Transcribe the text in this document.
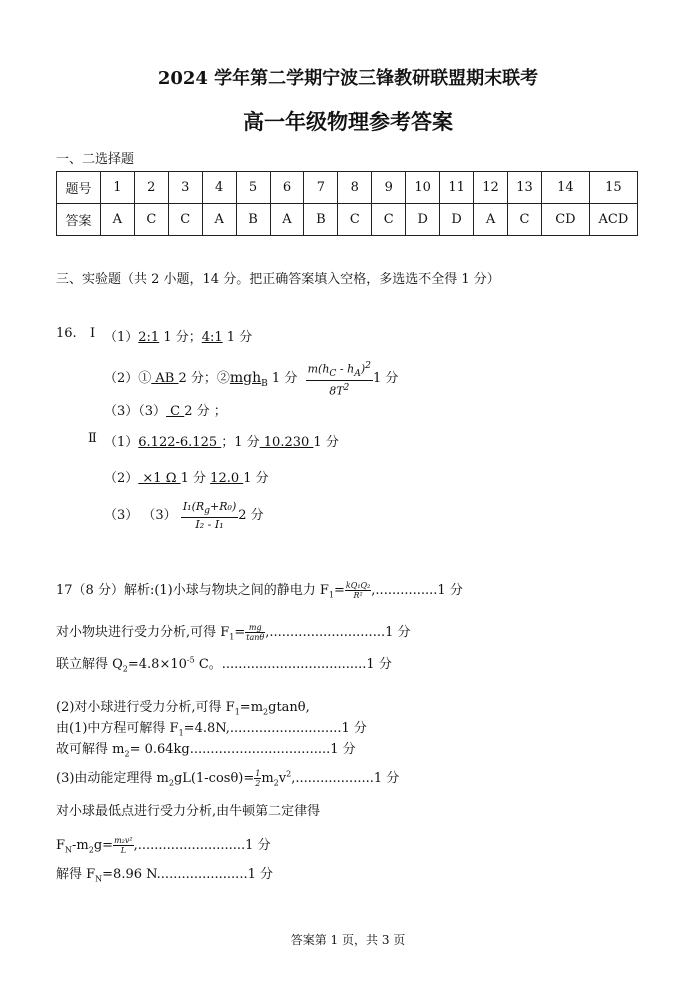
2024 学年第二学期宁波三锋教研联盟期末联考
高一年级物理参考答案
一、二选择题
题号	1	2	3	4	5	6	7	8	9	10	11	12	13	14	15
答案	A	C	C	A	B	A	B	C	C	D	D	A	C	CD	ACD
三、实验题（共 2 小题，14 分。把正确答案填入空格，多选选不全得 1 分）
16. Ⅰ （1）2:1 1 分；4:1 1 分
（2）① AB 2 分；②mgh$_B$ 1 分 $\frac{m(h_C - h_A)^2}{8T^2} 1$ 分
（3）（3） C 2 分 ；
Ⅱ （1）6.122-6.125 ；1 分 10.230 1 分
（2） ×1 Ω 1 分 12.0 1 分
（3） $(3) \frac{I_1(R_g+R_0)}{\text{I₂ - I₁}} 2$ 分
17（8 分）解析:(1)小球与物块之间的静电力 $F_1= \frac{\text{kQ₁Q₂}}{\text{R²}} ,...............1$ 分
对小物块进行受力分析,可得 $F_1= \frac{mg}{\tan\theta} ,............................1$ 分
联立解得 $Q_2=4.8\times 10^{-5}$ C。...................................1 分
(2)对小球进行受力分析,可得 $F_1=m_2gtan\theta$,
由(1)中方程可解得 $F_1=4.8N,...........................1$ 分
故可解得 $m_2= 0.64kg..................................1$ 分
(3)由动能定理得 $m_2gL(1-\cos\theta)= \frac{1}{2} m_2v^2,...................1$ 分
对小球最低点进行受力分析,由牛顿第二定律得
$F_N-m_2g= \frac{\text{m₂v²}}{L} ,..........................1$ 分
解得 $F_N=8.96$ N......................1 分
答案第 1 页，共 3 页
